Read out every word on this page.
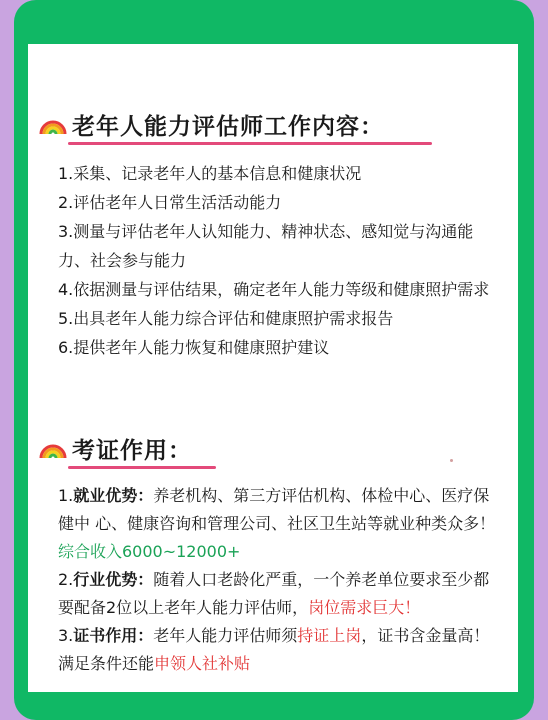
老年人能力评估师工作内容：

1.采集、记录老年人的基本信息和健康状况

2.评估老年人日常生活活动能力

3.测量与评估老年人认知能力、精神状态、感知觉与沟通能力、社会参与能力

4.依据测量与评估结果，确定老年人能力等级和健康照护需求

5.出具老年人能力综合评估和健康照护需求报告

6.提供老年人能力恢复和健康照护建议

考证作用：

1.就业优势：养老机构、第三方评估机构、体检中心、医疗保健中 心、健康咨询和管理公司、社区卫生站等就业种类众多！综合收入6000~12000+

2.行业优势：随着人口老龄化严重，一个养老单位要求至少都要配备2位以上老年人能力评估师，岗位需求巨大！

3.证书作用：老年人能力评估师须持证上岗，证书含金量高！满足条件还能申领人社补贴
